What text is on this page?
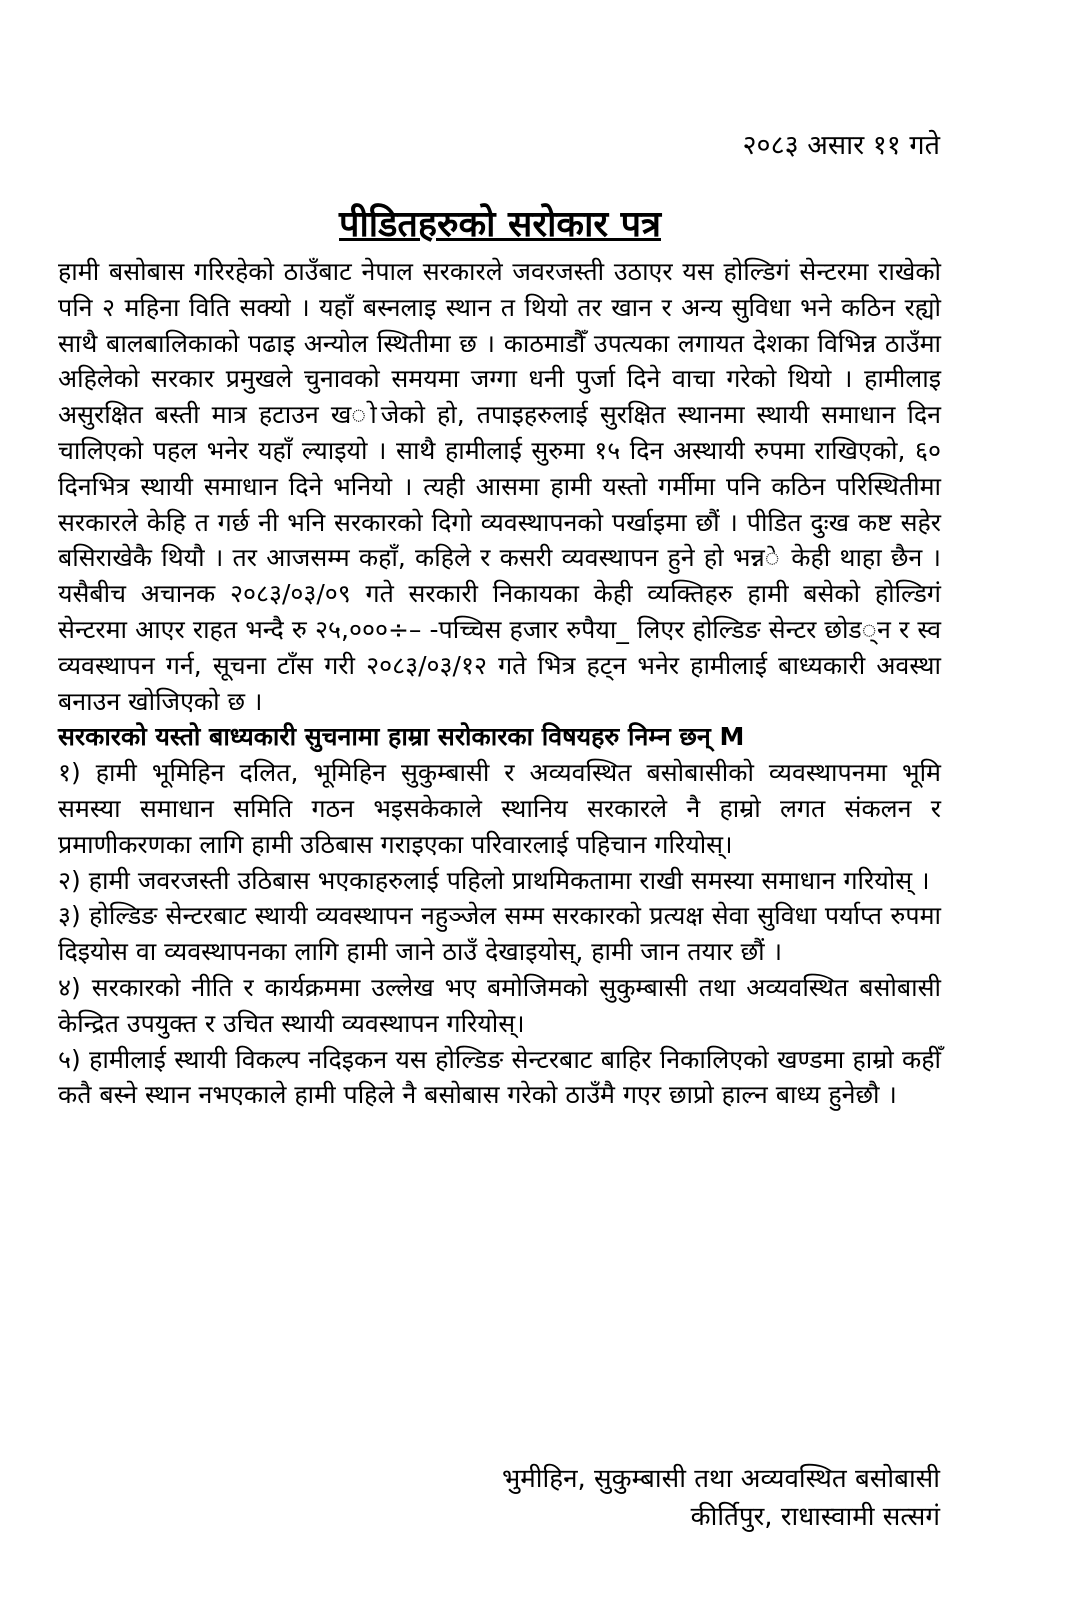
२०८३ असार ११ गते
पीडितहरुको सरोकार पत्र

हामी बसोबास गरिरहेको ठाउँबाट नेपाल सरकारले जवरजस्ती उठाएर यस होल्डिगं सेन्टरमा राखेको पनि २ महिना विति सक्यो । यहाँ बस्नलाइ स्थान त थियो तर खान र अन्य सुविधा भने कठिन रह्यो साथै बालबालिकाको पढाइ अन्योल स्थितीमा छ । काठमाडौँ उपत्यका लगायत देशका विभिन्न ठाउँमा अहिलेको सरकार प्रमुखले चुनावको समयमा जग्गा धनी पुर्जा दिने वाचा गरेको थियो । हामीलाइ असुरक्षित बस्ती मात्र हटाउन ख◌ोजेको हो, तपाइहरुलाई सुरक्षित स्थानमा स्थायी समाधान दिन चालिएको पहल भनेर यहाँ ल्याइयो । साथै हामीलाई सुरुमा १५ दिन अस्थायी रुपमा राखिएको, ६० दिनभित्र स्थायी समाधान दिने भनियो । त्यही आसमा हामी यस्तो गर्मीमा पनि कठिन परिस्थितीमा सरकारले केहि त गर्छ नी भनि सरकारको दिगो व्यवस्थापनको पर्खाइमा छौं । पीडित दुःख कष्ट सहेर बसिराखेकै थियौ । तर आजसम्म कहाँ, कहिले र कसरी व्यवस्थापन हुने हो भन्न◌े केही थाहा छैन । यसैबीच अचानक २०८३/०३/०९ गते सरकारी निकायका केही व्यक्तिहरु हामी बसेको होल्डिगं सेन्टरमा आएर राहत भन्दै रु २५,०००÷– -पच्चिस हजार रुपैया_ लिएर होल्डिङ सेन्टर छोड◌्न र स्व व्यवस्थापन गर्न, सूचना टाँस गरी २०८३/०३/१२ गते भित्र हट्न भनेर हामीलाई बाध्यकारी अवस्था बनाउन खोजिएको छ ।

सरकारको यस्तो बाध्यकारी सुचनामा हाम्रा सरोकारका विषयहरु निम्न छन् M

१) हामी भूमिहिन दलित, भूमिहिन सुकुम्बासी र अव्यवस्थित बसोबासीको व्यवस्थापनमा भूमि समस्या समाधान समिति गठन भइसकेकाले स्थानिय सरकारले नै हाम्रो लगत संकलन र प्रमाणीकरणका लागि हामी उठिबास गराइएका परिवारलाई पहिचान गरियोस्।

२) हामी जवरजस्ती उठिबास भएकाहरुलाई पहिलो प्राथमिकतामा राखी समस्या समाधान गरियोस् ।

३) होल्डिङ सेन्टरबाट स्थायी व्यवस्थापन नहुञ्जेल सम्म सरकारको प्रत्यक्ष सेवा सुविधा पर्याप्त रुपमा दिइयोस वा व्यवस्थापनका लागि हामी जाने ठाउँ देखाइयोस्, हामी जान तयार छौं ।

४) सरकारको नीति र कार्यक्रममा उल्लेख भए बमोजिमको सुकुम्बासी तथा अव्यवस्थित बसोबासी केन्द्रित उपयुक्त र उचित स्थायी व्यवस्थापन गरियोस्।

५) हामीलाई स्थायी विकल्प नदिइकन यस होल्डिङ सेन्टरबाट बाहिर निकालिएको खण्डमा हाम्रो कहीँ कतै बस्ने स्थान नभएकाले हामी पहिले नै बसोबास गरेको ठाउँमै गएर छाप्रो हाल्न बाध्य हुनेछौ ।

भुमीहिन, सुकुम्बासी तथा अव्यवस्थित बसोबासी
कीर्तिपुर, राधास्वामी सत्सगं
